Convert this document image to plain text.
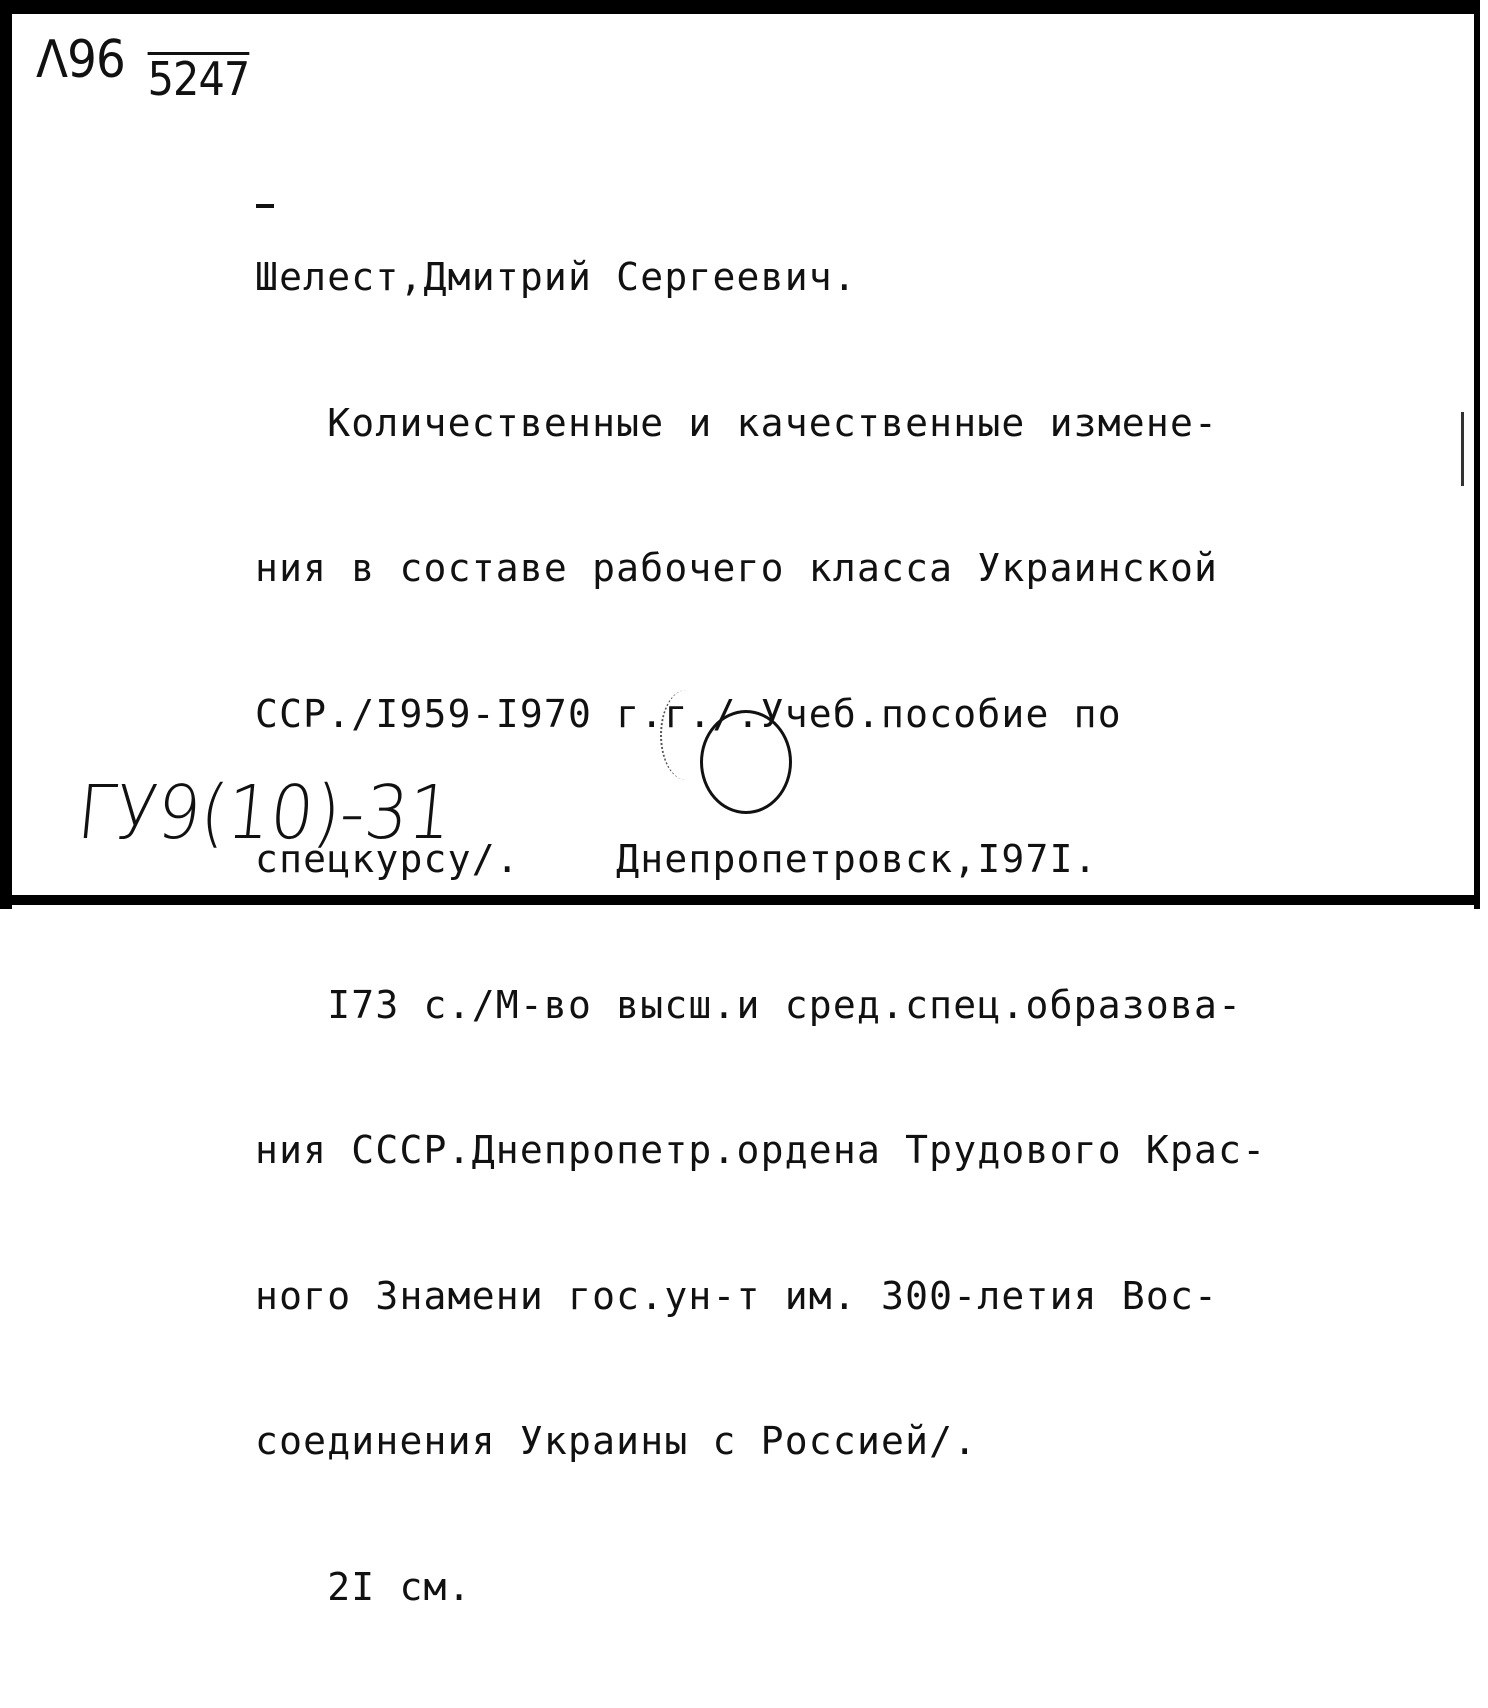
Λ96 5247

Шелест,Дмитрий Сергеевич.

Количественные и качественные измене-

ния в составе рабочего класса Украинской

ССР./I959-I970 г.г./.Учеб.пособие по

спецкурсу/.    Днепропетровск,I97I.

I73 с./М-во высш.и сред.спец.образова-

ния СССР.Днепропетр.ордена Трудового Крас-

ного Знамени гос.ун-т им. 300-летия Вос-

соединения Украины с Россией/.

2I см.

ГУ9(10)-31
